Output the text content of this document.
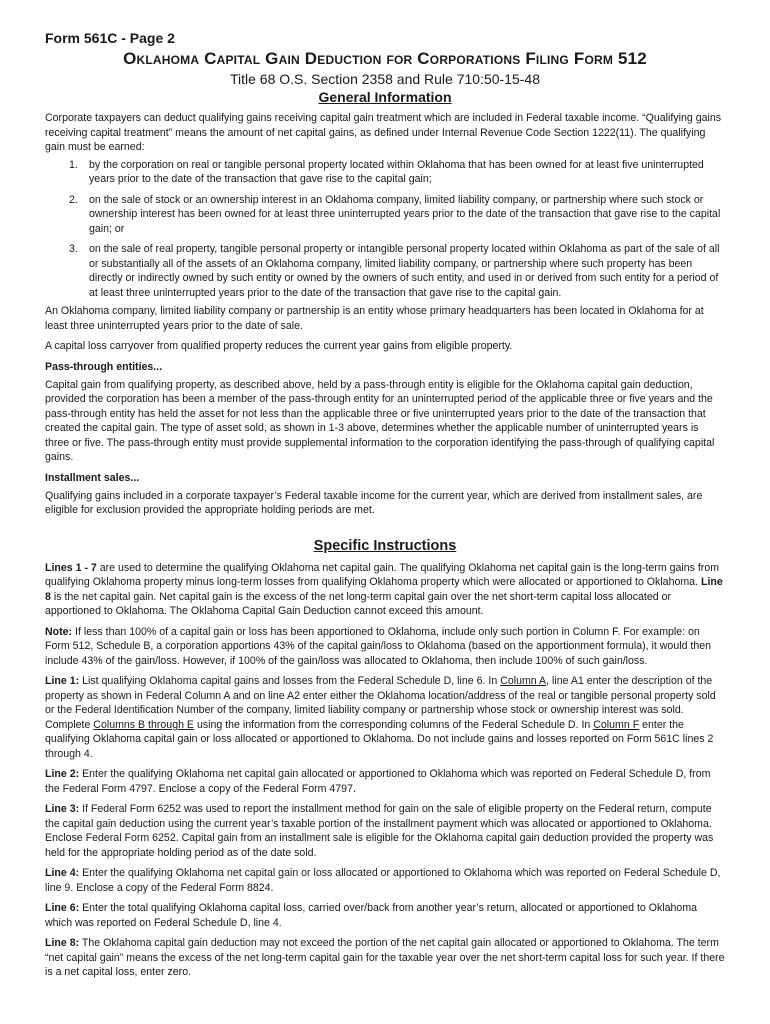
Form 561C - Page 2
Oklahoma Capital Gain Deduction for Corporations Filing Form 512
Title 68 O.S. Section 2358 and Rule 710:50-15-48
General Information

Corporate taxpayers can deduct qualifying gains receiving capital gain treatment which are included in Federal taxable income. “Qualifying gains receiving capital treatment” means the amount of net capital gains, as defined under Internal Revenue Code Section 1222(11). The qualifying gain must be earned:

1. by the corporation on real or tangible personal property located within Oklahoma that has been owned for at least five uninterrupted years prior to the date of the transaction that gave rise to the capital gain;
2. on the sale of stock or an ownership interest in an Oklahoma company, limited liability company, or partnership where such stock or ownership interest has been owned for at least three uninterrupted years prior to the date of the transaction that gave rise to the capital gain; or
3. on the sale of real property, tangible personal property or intangible personal property located within Oklahoma as part of the sale of all or substantially all of the assets of an Oklahoma company, limited liability company, or partnership where such property has been directly or indirectly owned by such entity or owned by the owners of such entity, and used in or derived from such entity for a period of at least three uninterrupted years prior to the date of the transaction that gave rise to the capital gain.

An Oklahoma company, limited liability company or partnership is an entity whose primary headquarters has been located in Oklahoma for at least three uninterrupted years prior to the date of sale.

A capital loss carryover from qualified property reduces the current year gains from eligible property.

Pass-through entities...

Capital gain from qualifying property, as described above, held by a pass-through entity is eligible for the Oklahoma capital gain deduction, provided the corporation has been a member of the pass-through entity for an uninterrupted period of the applicable three or five years and the pass-through entity has held the asset for not less than the applicable three or five uninterrupted years prior to the date of the transaction that created the capital gain. The type of asset sold, as shown in 1-3 above, determines whether the applicable number of uninterrupted years is three or five. The pass-through entity must provide supplemental information to the corporation identifying the pass-through of qualifying capital gains.

Installment sales...

Qualifying gains included in a corporate taxpayer’s Federal taxable income for the current year, which are derived from installment sales, are eligible for exclusion provided the appropriate holding periods are met.

Specific Instructions

Lines 1 - 7 are used to determine the qualifying Oklahoma net capital gain. The qualifying Oklahoma net capital gain is the long-term gains from qualifying Oklahoma property minus long-term losses from qualifying Oklahoma property which were allocated or apportioned to Oklahoma. Line 8 is the net capital gain. Net capital gain is the excess of the net long-term capital gain over the net short-term capital loss allocated or apportioned to Oklahoma. The Oklahoma Capital Gain Deduction cannot exceed this amount.

Note: If less than 100% of a capital gain or loss has been apportioned to Oklahoma, include only such portion in Column F. For example: on Form 512, Schedule B, a corporation apportions 43% of the capital gain/loss to Oklahoma (based on the apportionment formula), it would then include 43% of the gain/loss. However, if 100% of the gain/loss was allocated to Oklahoma, then include 100% of such gain/loss.

Line 1: List qualifying Oklahoma capital gains and losses from the Federal Schedule D, line 6. In Column A, line A1 enter the description of the property as shown in Federal Column A and on line A2 enter either the Oklahoma location/address of the real or tangible personal property sold or the Federal Identification Number of the company, limited liability company or partnership whose stock or ownership interest was sold. Complete Columns B through E using the information from the corresponding columns of the Federal Schedule D. In Column F enter the qualifying Oklahoma capital gain or loss allocated or apportioned to Oklahoma. Do not include gains and losses reported on Form 561C lines 2 through 4.

Line 2: Enter the qualifying Oklahoma net capital gain allocated or apportioned to Oklahoma which was reported on Federal Schedule D, from the Federal Form 4797. Enclose a copy of the Federal Form 4797.

Line 3: If Federal Form 6252 was used to report the installment method for gain on the sale of eligible property on the Federal return, compute the capital gain deduction using the current year’s taxable portion of the installment payment which was allocated or apportioned to Oklahoma. Enclose Federal Form 6252. Capital gain from an installment sale is eligible for the Oklahoma capital gain deduction provided the property was held for the appropriate holding period as of the date sold.

Line 4: Enter the qualifying Oklahoma net capital gain or loss allocated or apportioned to Oklahoma which was reported on Federal Schedule D, line 9. Enclose a copy of the Federal Form 8824.

Line 6: Enter the total qualifying Oklahoma capital loss, carried over/back from another year’s return, allocated or apportioned to Oklahoma which was reported on Federal Schedule D, line 4.

Line 8: The Oklahoma capital gain deduction may not exceed the portion of the net capital gain allocated or apportioned to Oklahoma. The term “net capital gain” means the excess of the net long-term capital gain for the taxable year over the net short-term capital loss for such year. If there is a net capital loss, enter zero.
